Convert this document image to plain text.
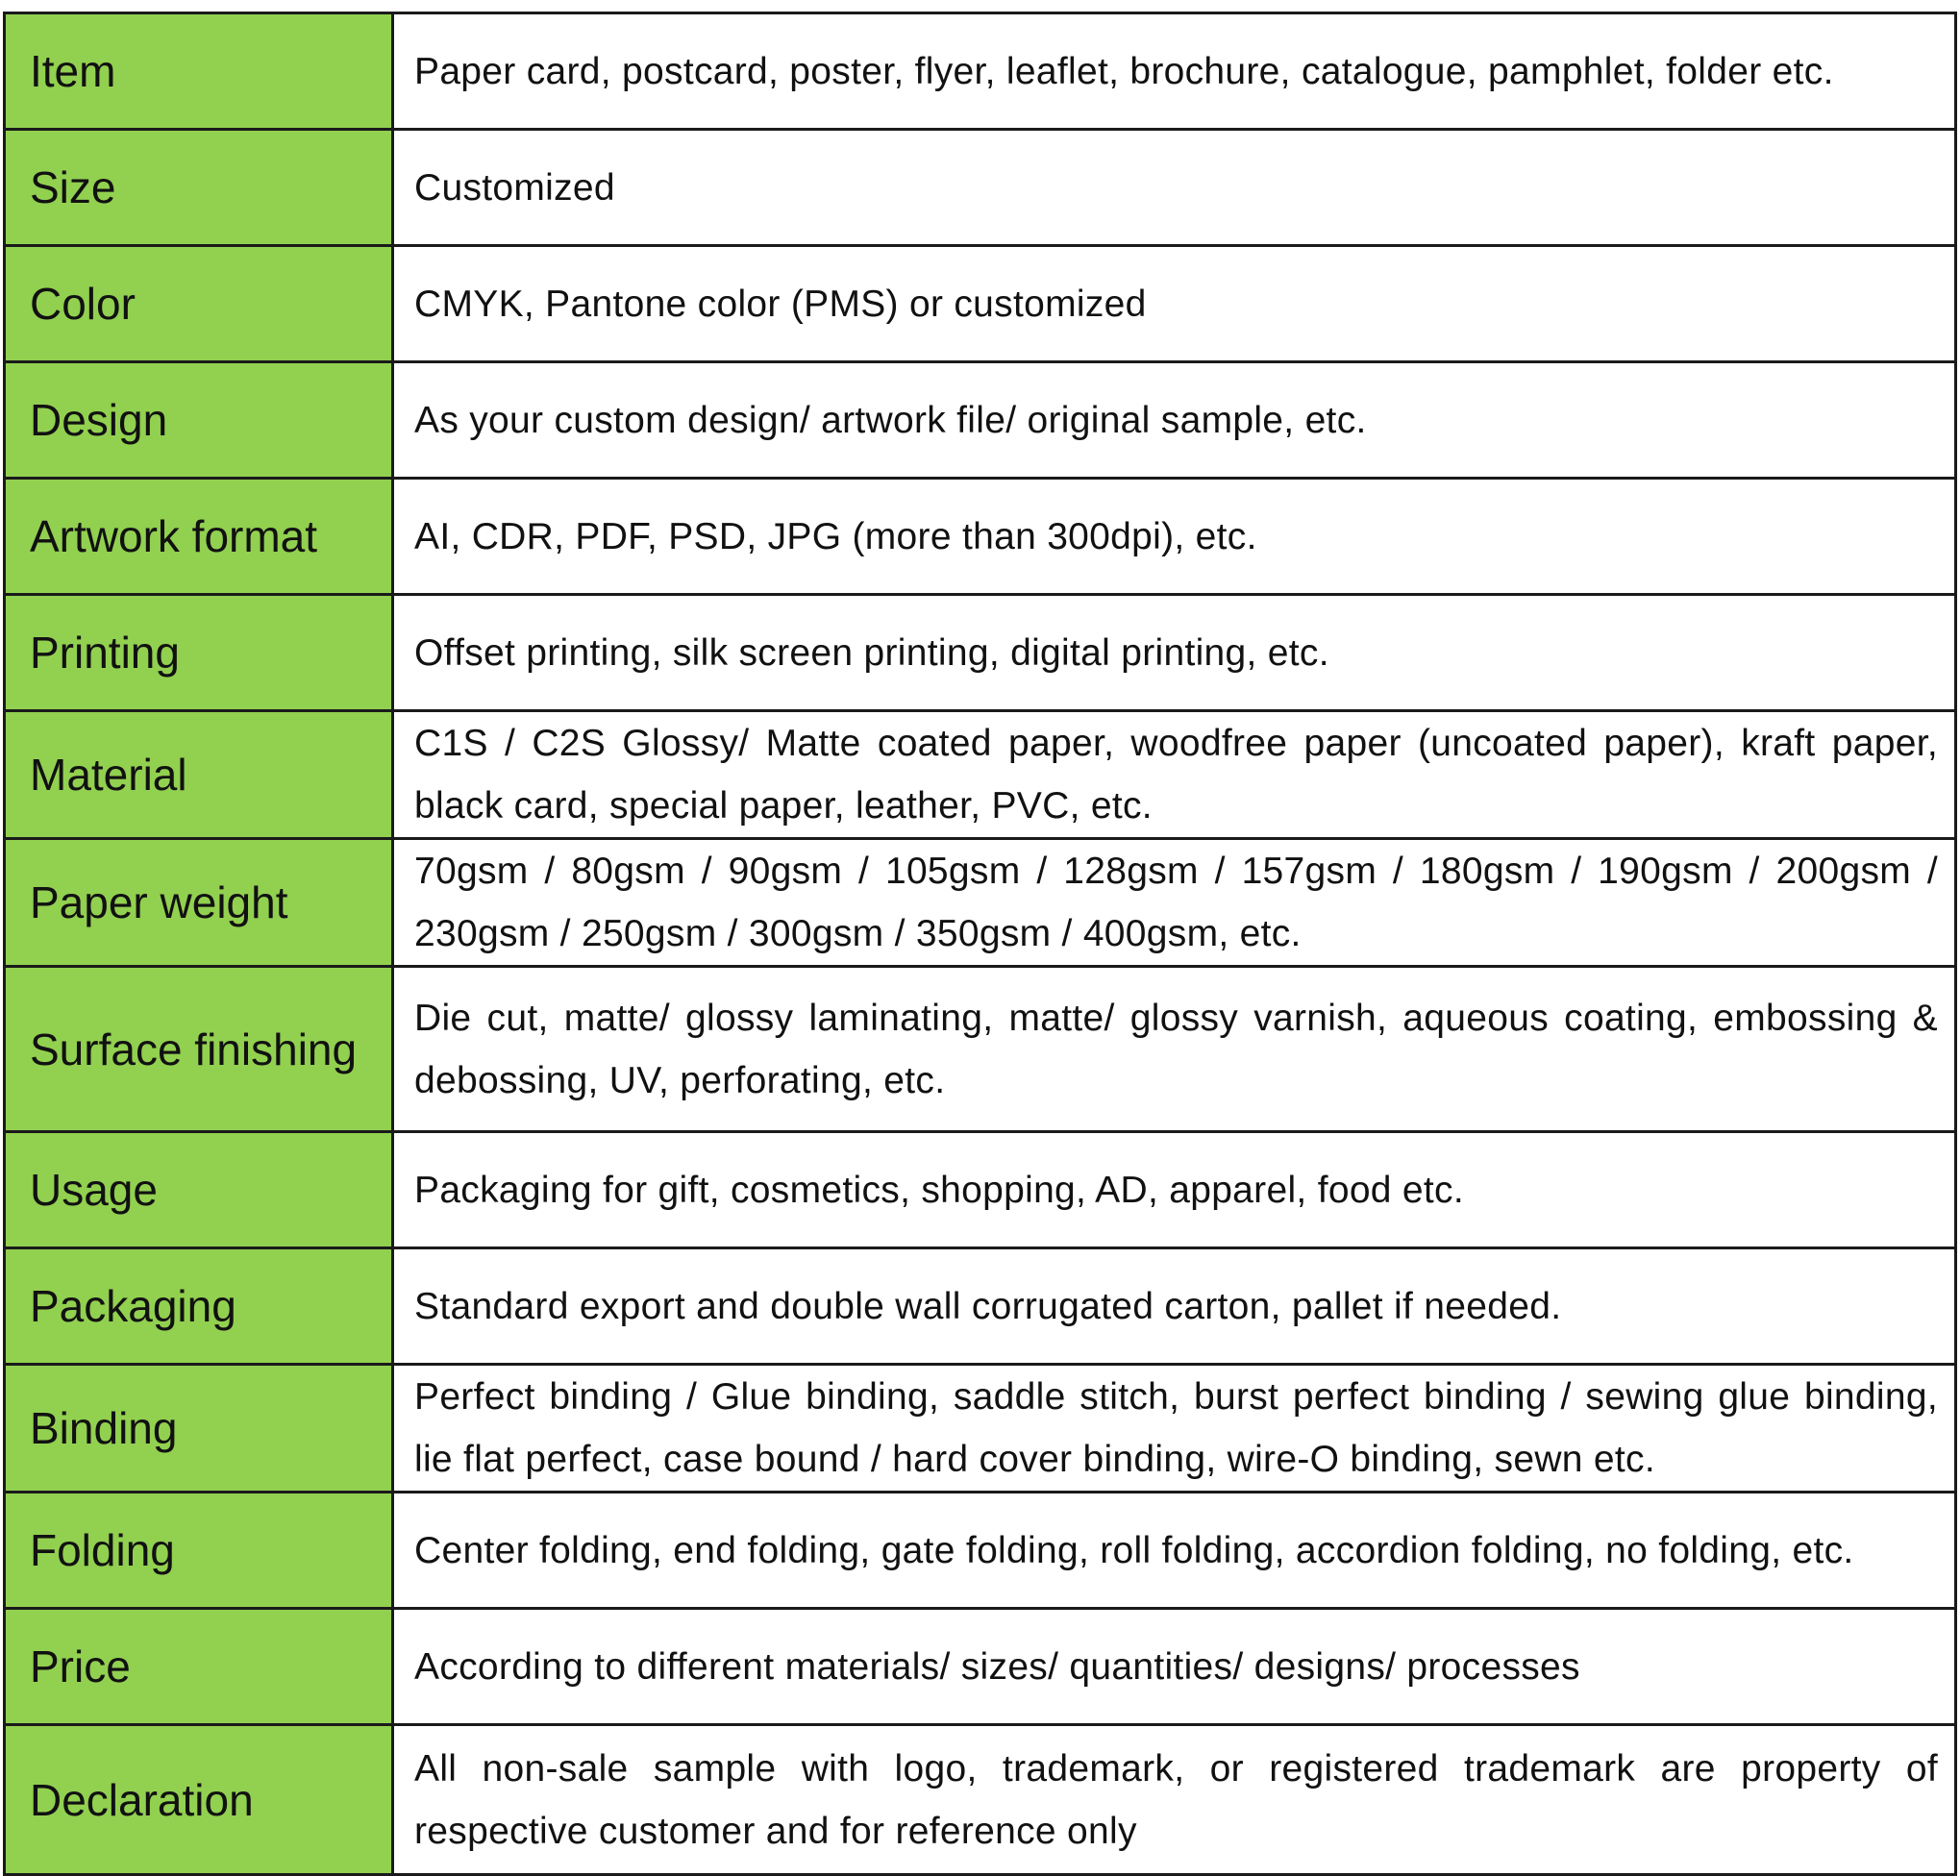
Item	Paper card, postcard, poster, flyer, leaflet, brochure, catalogue, pamphlet, folder etc.
Size	Customized
Color	CMYK, Pantone color (PMS) or customized
Design	As your custom design/ artwork file/ original sample, etc.
Artwork format	AI, CDR, PDF, PSD, JPG (more than 300dpi), etc.
Printing	Offset printing, silk screen printing, digital printing, etc.
Material	C1S / C2S Glossy/ Matte coated paper, woodfree paper (uncoated paper), kraft paper, black card, special paper, leather, PVC, etc.
Paper weight	70gsm / 80gsm / 90gsm / 105gsm / 128gsm / 157gsm / 180gsm / 190gsm / 200gsm / 230gsm / 250gsm / 300gsm / 350gsm / 400gsm, etc.
Surface finishing	Die cut, matte/ glossy laminating, matte/ glossy varnish, aqueous coating, embossing & debossing, UV, perforating, etc.
Usage	Packaging for gift, cosmetics, shopping, AD, apparel, food etc.
Packaging	Standard export and double wall corrugated carton, pallet if needed.
Binding	Perfect binding / Glue binding, saddle stitch, burst perfect binding / sewing glue binding, lie flat perfect, case bound / hard cover binding, wire-O binding, sewn etc.
Folding	Center folding, end folding, gate folding, roll folding, accordion folding, no folding, etc.
Price	According to different materials/ sizes/ quantities/ designs/ processes
Declaration	All non-sale sample with logo, trademark, or registered trademark are property of respective customer and for reference only
